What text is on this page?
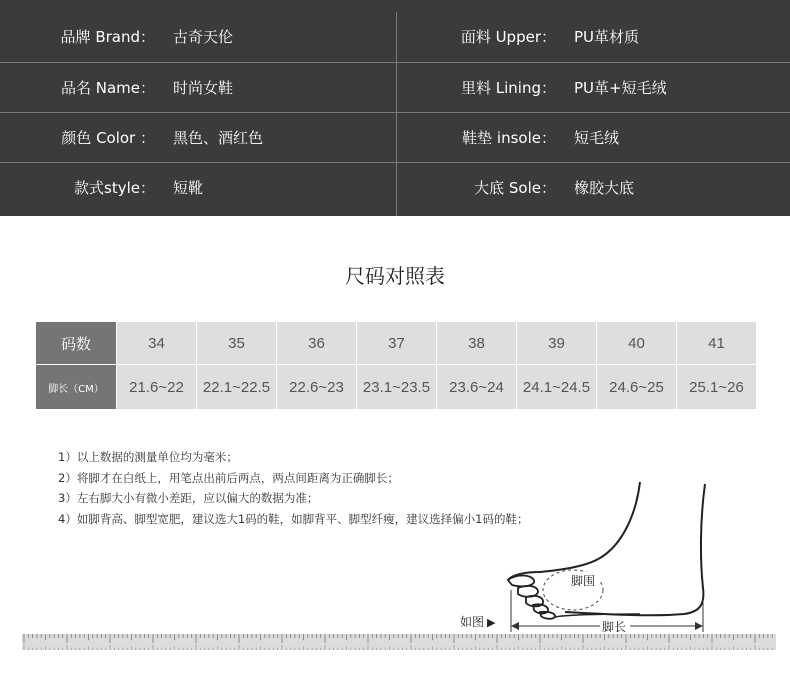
品牌 Brand： 古奇天伦	面料 Upper： PU革材质
品名 Name： 时尚女鞋	里料 Lining： PU革+短毛绒
颜色 Color ： 黑色、酒红色	鞋垫 insole： 短毛绒
款式style： 短靴	大底 Sole： 橡胶大底
尺码对照表
码数	34	35	36	37	38	39	40	41
脚长（CM）	21.6~22	22.1~22.5	22.6~23	23.1~23.5	23.6~24	24.1~24.5	24.6~25	25.1~26
1）以上数据的测量单位均为毫米；
2）将脚才在白纸上，用笔点出前后两点，两点间距离为正确脚长；
3）左右脚大小有微小差距，应以偏大的数据为准；
4）如脚背高、脚型宽肥，建议选大1码的鞋，如脚背平、脚型纤瘦，建议选择偏小1码的鞋；
脚围
脚长
如图 ▶
